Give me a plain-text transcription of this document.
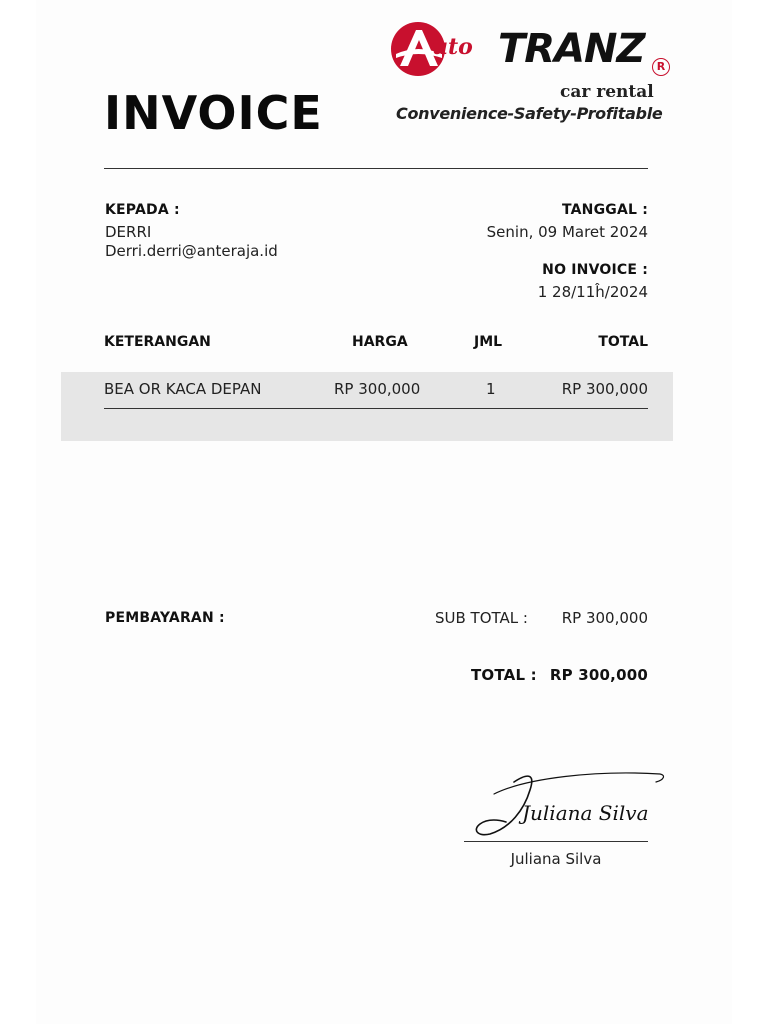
INVOICE
uto TRANZ	R
car rental
Convenience-Safety-Profitable
KEPADA :
DERRI
Derri.derri@anteraja.id
TANGGAL :
Senin, 09 Maret 2024
NO INVOICE :
1 28/11ĥ/2024
KETERANGAN	HARGA	JML	TOTAL
BEA OR KACA DEPAN	RP 300,000	1	RP 300,000
PEMBAYARAN :	SUB TOTAL : RP 300,000
TOTAL : RP 300,000
Juliana Silva
Juliana Silva
